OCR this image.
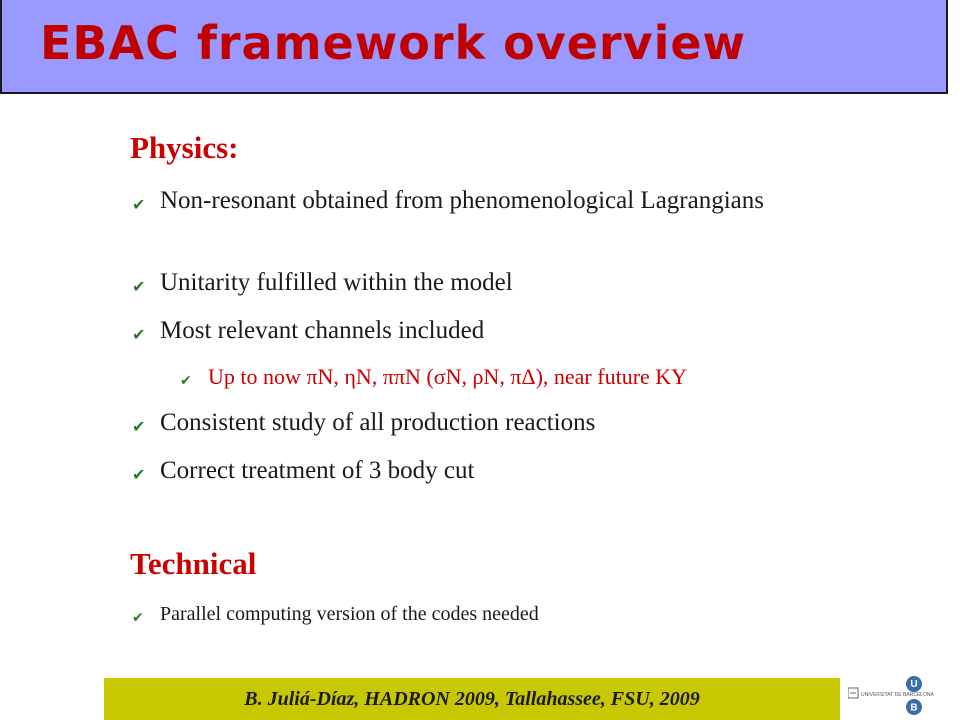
EBAC framework overview
Physics:
✔ Non-resonant obtained from phenomenological Lagrangians
✔ Unitarity fulfilled within the model
✔ Most relevant channels included
✔ Up to now πN, ηN, ππN (σN, ρN, πΔ), near future KY
✔ Consistent study of all production reactions
✔ Correct treatment of 3 body cut
Technical
✔ Parallel computing version of the codes needed
B. Juliá-Díaz, HADRON 2009, Tallahassee, FSU, 2009	UNIVERSITAT DE BARCELONA
U
B
